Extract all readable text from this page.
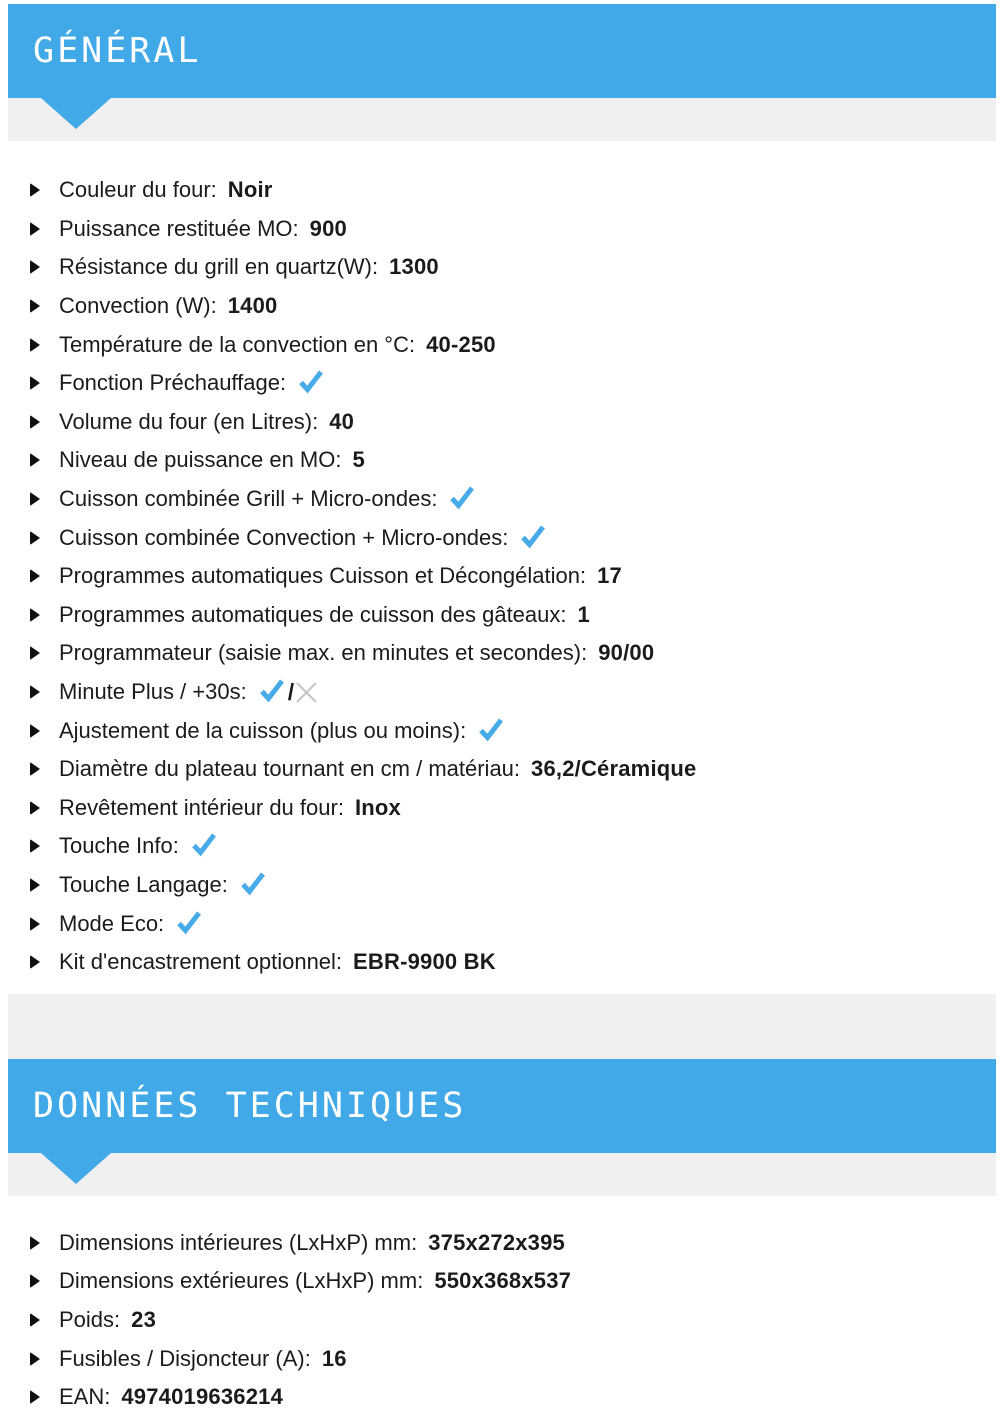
GÉNÉRAL
Couleur du four: Noir
Puissance restituée MO: 900
Résistance du grill en quartz(W): 1300
Convection (W): 1400
Température de la convection en °C: 40-250
Fonction Préchauffage:
Volume du four (en Litres): 40
Niveau de puissance en MO: 5
Cuisson combinée Grill + Micro-ondes:
Cuisson combinée Convection + Micro-ondes:
Programmes automatiques Cuisson et Décongélation: 17
Programmes automatiques de cuisson des gâteaux: 1
Programmateur (saisie max. en minutes et secondes): 90/00
Minute Plus / +30s: /
Ajustement de la cuisson (plus ou moins):
Diamètre du plateau tournant en cm / matériau: 36,2/Céramique
Revêtement intérieur du four: Inox
Touche Info:
Touche Langage:
Mode Eco:
Kit d'encastrement optionnel: EBR-9900 BK
DONNÉES TECHNIQUES
Dimensions intérieures (LxHxP) mm: 375x272x395
Dimensions extérieures (LxHxP) mm: 550x368x537
Poids: 23
Fusibles / Disjoncteur (A): 16
EAN: 4974019636214
